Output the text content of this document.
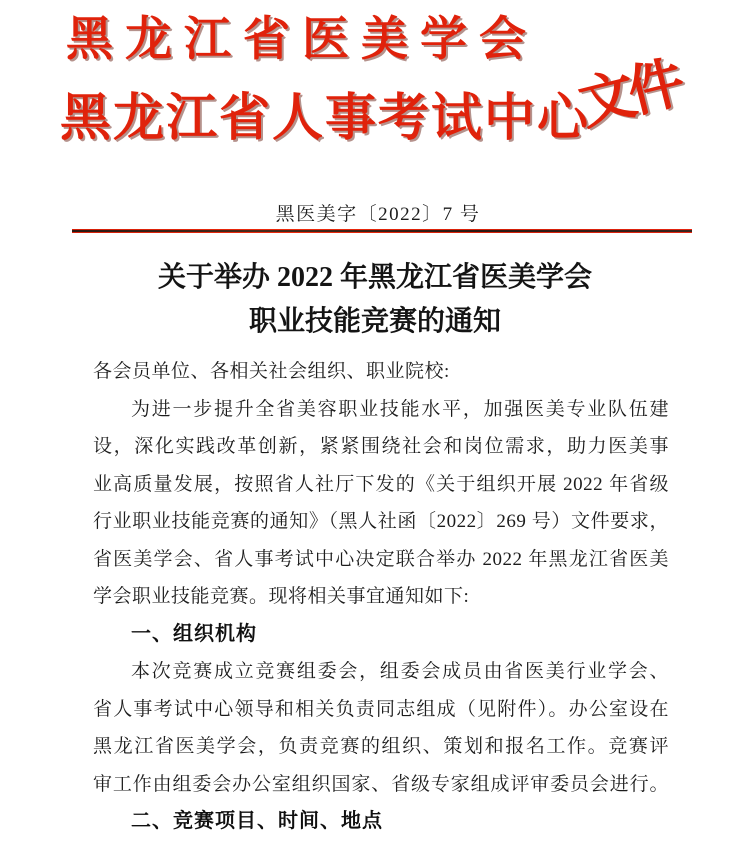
黑龙江省医美学会
黑龙江省人事考试中心
文件
黑医美字〔2022〕7 号
关于举办 2022 年黑龙江省医美学会
职业技能竞赛的通知
各会员单位、各相关社会组织、职业院校:
为进一步提升全省美容职业技能水平，加强医美专业队伍建
设，深化实践改革创新，紧紧围绕社会和岗位需求，助力医美事
业高质量发展，按照省人社厅下发的《关于组织开展 2022 年省级
行业职业技能竞赛的通知》（黑人社函〔2022〕269 号）文件要求，
省医美学会、省人事考试中心决定联合举办 2022 年黑龙江省医美
学会职业技能竞赛。现将相关事宜通知如下:
一、组织机构
本次竞赛成立竞赛组委会，组委会成员由省医美行业学会、
省人事考试中心领导和相关负责同志组成（见附件）。办公室设在
黑龙江省医美学会，负责竞赛的组织、策划和报名工作。竞赛评
审工作由组委会办公室组织国家、省级专家组成评审委员会进行。
二、竞赛项目、时间、地点
